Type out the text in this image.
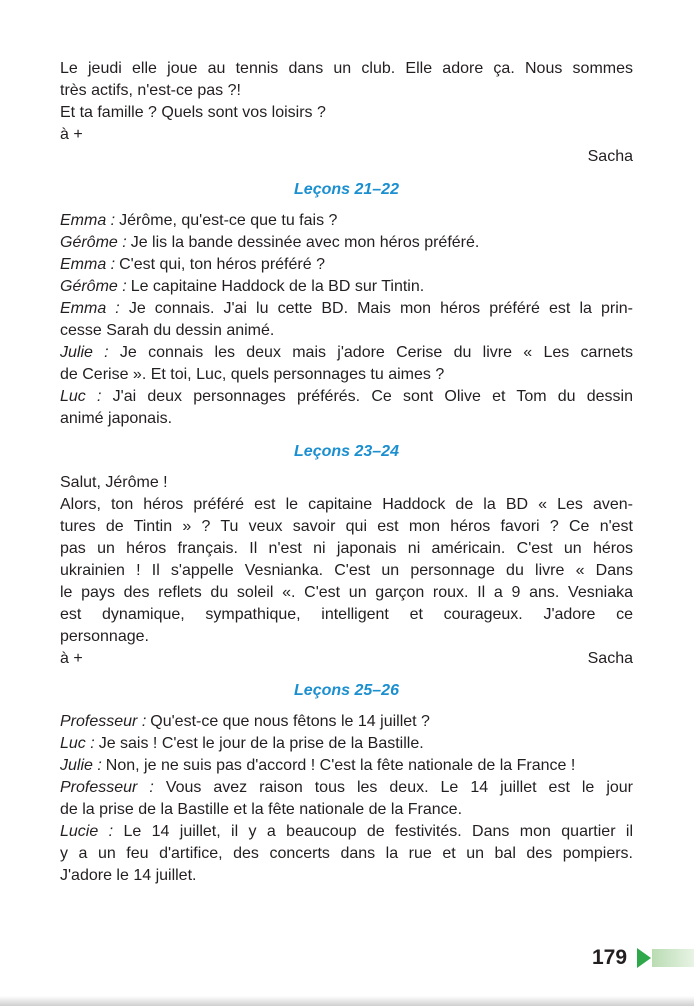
Le jeudi elle joue au tennis dans un club. Elle adore ça. Nous sommes
très actifs, n'est-ce pas ?!
Et ta famille ? Quels sont vos loisirs ?
à +
Sacha
Leçons 21–22
Emma : Jérôme, qu'est-ce que tu fais ?
Gérôme : Je lis la bande dessinée avec mon héros préféré.
Emma : C'est qui, ton héros préféré ?
Gérôme : Le capitaine Haddock de la BD sur Tintin.
Emma : Je connais. J'ai lu cette BD. Mais mon héros préféré est la prin-
cesse Sarah du dessin animé.
Julie : Je connais les deux mais j'adore Cerise du livre « Les carnets
de Cerise ». Et toi, Luc, quels personnages tu aimes ?
Luc : J'ai deux personnages préférés. Ce sont Olive et Tom du dessin
animé japonais.
Leçons 23–24
Salut, Jérôme !
Alors, ton héros préféré est le capitaine Haddock de la BD « Les aven-
tures de Tintin » ? Tu veux savoir qui est mon héros favori ? Ce n'est
pas un héros français. Il n'est ni japonais ni américain. C'est un héros
ukrainien ! Il s'appelle Vesnianka. C'est un personnage du livre « Dans
le pays des reflets du soleil «. C'est un garçon roux. Il a 9 ans. Vesniaka
est dynamique, sympathique, intelligent et courageux. J'adore ce
personnage.
à +	Sacha
Leçons 25–26
Professeur : Qu'est-ce que nous fêtons le 14 juillet ?
Luc : Je sais ! C'est le jour de la prise de la Bastille.
Julie : Non, je ne suis pas d'accord ! C'est la fête nationale de la France !
Professeur : Vous avez raison tous les deux. Le 14 juillet est le jour
de la prise de la Bastille et la fête nationale de la France.
Lucie : Le 14 juillet, il y a beaucoup de festivités. Dans mon quartier il
y a un feu d'artifice, des concerts dans la rue et un bal des pompiers.
J'adore le 14 juillet.
179
